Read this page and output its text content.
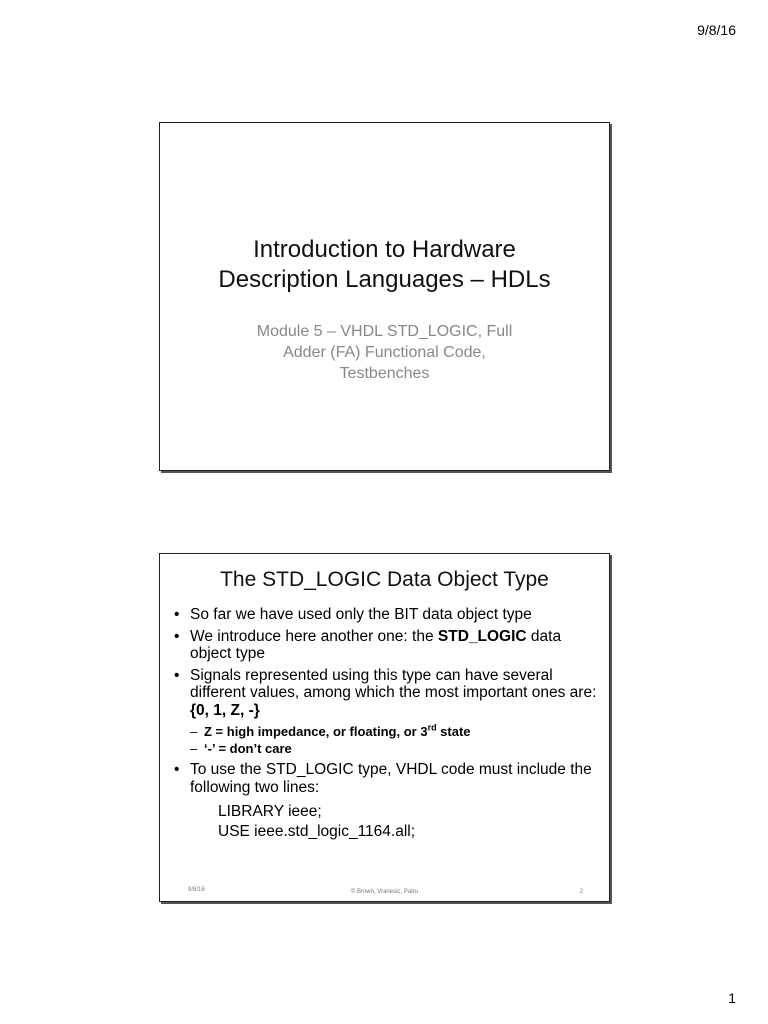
9/8/16
Introduction to Hardware
Description Languages – HDLs
Module 5 – VHDL STD_LOGIC, Full
Adder (FA) Functional Code,
Testbenches
The STD_LOGIC Data Object Type
• So far we have used only the BIT data object type
• We introduce here another one: the STD_LOGIC data object type
• Signals represented using this type can have several different values, among which the most important ones are: {0, 1, Z, -}
– Z = high impedance, or floating, or 3rd state
– ‘-’ = don’t care
• To use the STD_LOGIC type, VHDL code must include the following two lines:
LIBRARY ieee;
USE ieee.std_logic_1164.all;
9/8/16	© Brown, Vranesic, Patru	2
1
